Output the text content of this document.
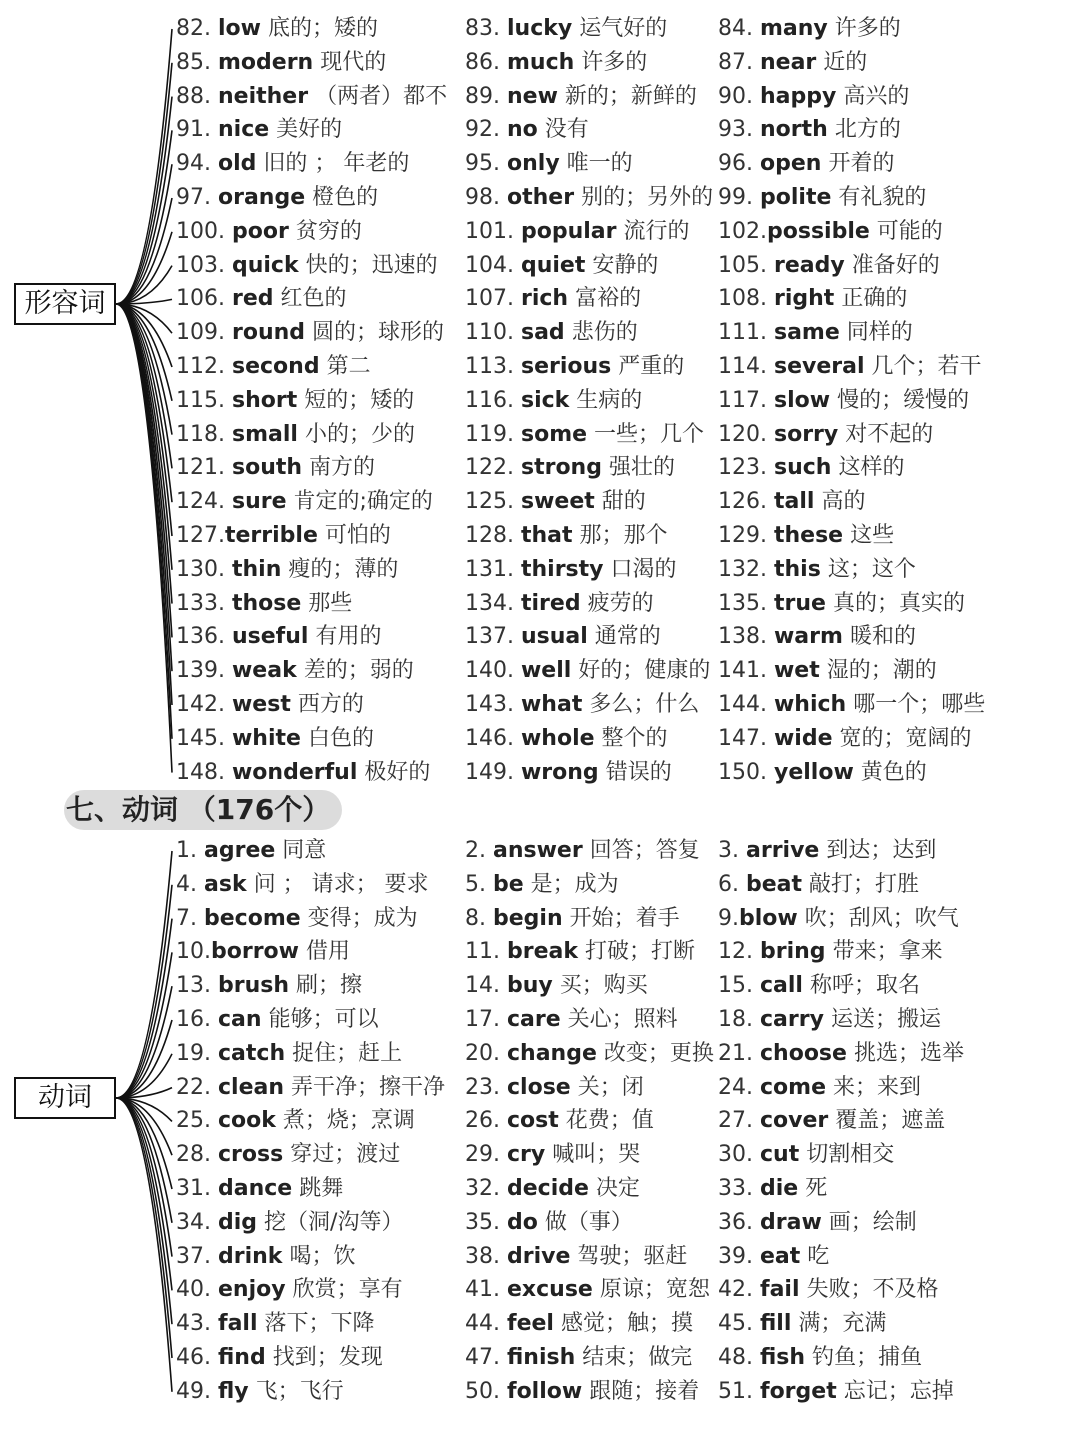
形容词
动词
七、动词 （176个）
82. low 底的；矮的	83. lucky 运气好的 84. many 许多的
85. modern 现代的	86. much 许多的	87. near 近的
88. neither （两者）都不 89. new 新的；新鲜的 90. happy 高兴的
91. nice 美好的	92. no 没有	93. north 北方的
94. old 旧的 ； 年老的	95. only 唯一的	96. open 开着的
97. orange 橙色的	98. other 别的；另外的 99. polite 有礼貌的
100. poor 贫穷的	101. popular 流行的 102.possible 可能的
103. quick 快的；迅速的 104. quiet 安静的	105. ready 准备好的
106. red 红色的	107. rich 富裕的	108. right 正确的
109. round 圆的；球形的 110. sad 悲伤的	111. same 同样的
112. second 第二	113. serious 严重的 114. several 几个；若干
115. short 短的；矮的 116. sick 生病的	117. slow 慢的；缓慢的
118. small 小的；少的 119. some 一些；几个 120. sorry 对不起的
121. south 南方的	122. strong 强壮的 123. such 这样的
124. sure 肯定的;确定的 125. sweet 甜的	126. tall 高的
127.terrible 可怕的	128. that 那；那个 129. these 这些
130. thin 瘦的；薄的	131. thirsty 口渴的 132. this 这；这个
133. those 那些	134. tired 疲劳的	135. true 真的；真实的
136. useful 有用的	137. usual 通常的	138. warm 暖和的
139. weak 差的；弱的 140. well 好的；健康的 141. wet 湿的；潮的
142. west 西方的	143. what 多么；什么 144. which 哪一个；哪些
145. white 白色的	146. whole 整个的 147. wide 宽的；宽阔的
148. wonderful 极好的 149. wrong 错误的 150. yellow 黄色的
1. agree 同意	2. answer 回答；答复 3. arrive 到达；达到
4. ask 问 ； 请求； 要求 5. be 是；成为	6. beat 敲打；打胜
7. become 变得；成为 8. begin 开始；着手 9.blow 吹；刮风；吹气
10.borrow 借用	11. break 打破；打断 12. bring 带来；拿来
13. brush 刷；擦	14. buy 买；购买	15. call 称呼；取名
16. can 能够；可以	17. care 关心；照料 18. carry 运送；搬运
19. catch 捉住；赶上	20. change 改变；更换 21. choose 挑选；选举
22. clean 弄干净；擦干净 23. close 关；闭	24. come 来；来到
25. cook 煮；烧；烹调 26. cost 花费；值	27. cover 覆盖；遮盖
28. cross 穿过；渡过	29. cry 喊叫；哭	30. cut 切割相交
31. dance 跳舞	32. decide 决定	33. die 死
34. dig 挖（洞/沟等）	35. do 做（事）	36. draw 画；绘制
37. drink 喝；饮	38. drive 驾驶；驱赶 39. eat 吃
40. enjoy 欣赏；享有	41. excuse 原谅；宽恕 42. fail 失败；不及格
43. fall 落下；下降	44. feel 感觉；触；摸 45. fill 满；充满
46. find 找到；发现	47. finish 结束；做完 48. fish 钓鱼；捕鱼
49. fly 飞；飞行	50. follow 跟随；接着 51. forget 忘记；忘掉
